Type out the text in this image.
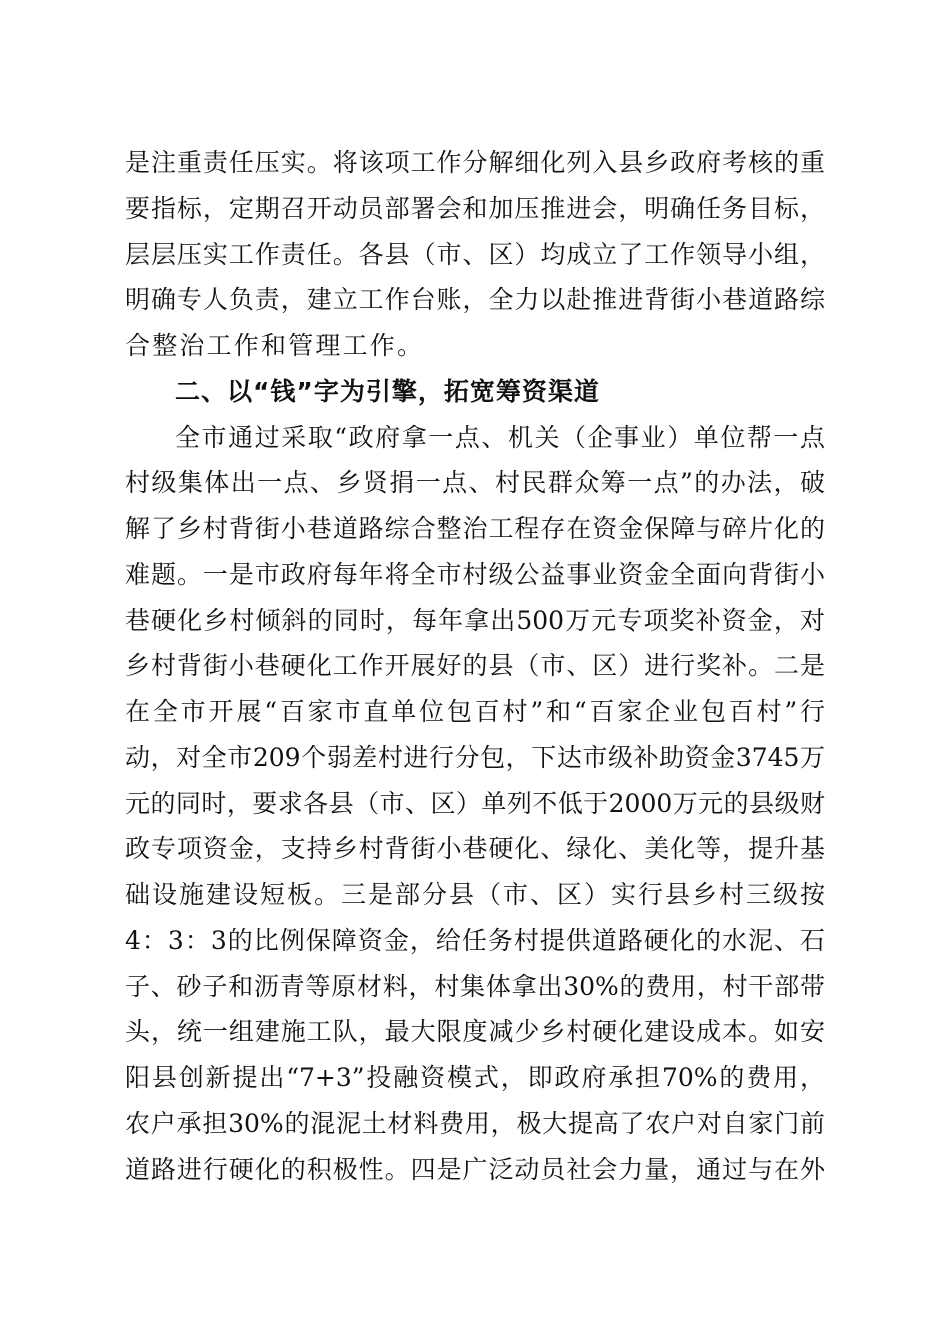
是注重责任压实。将该项工作分解细化列入县乡政府考核的重
要指标，定期召开动员部署会和加压推进会，明确任务目标，
层层压实工作责任。各县（市、区）均成立了工作领导小组，
明确专人负责，建立工作台账，全力以赴推进背街小巷道路综
合整治工作和管理工作。
二、以“钱”字为引擎，拓宽筹资渠道
全市通过采取“政府拿一点、机关（企事业）单位帮一点
村级集体出一点、乡贤捐一点、村民群众筹一点”的办法，破
解了乡村背街小巷道路综合整治工程存在资金保障与碎片化的
难题。一是市政府每年将全市村级公益事业资金全面向背街小
巷硬化乡村倾斜的同时，每年拿出500万元专项奖补资金，对
乡村背街小巷硬化工作开展好的县（市、区）进行奖补。二是
在全市开展“百家市直单位包百村”和“百家企业包百村”行
动，对全市209个弱差村进行分包，下达市级补助资金3745万
元的同时，要求各县（市、区）单列不低于2000万元的县级财
政专项资金，支持乡村背街小巷硬化、绿化、美化等，提升基
础设施建设短板。三是部分县（市、区）实行县乡村三级按
4：3：3的比例保障资金，给任务村提供道路硬化的水泥、石
子、砂子和沥青等原材料，村集体拿出30%的费用，村干部带
头，统一组建施工队，最大限度减少乡村硬化建设成本。如安
阳县创新提出“7+3”投融资模式，即政府承担70%的费用，
农户承担30%的混泥土材料费用，极大提高了农户对自家门前
道路进行硬化的积极性。四是广泛动员社会力量，通过与在外
